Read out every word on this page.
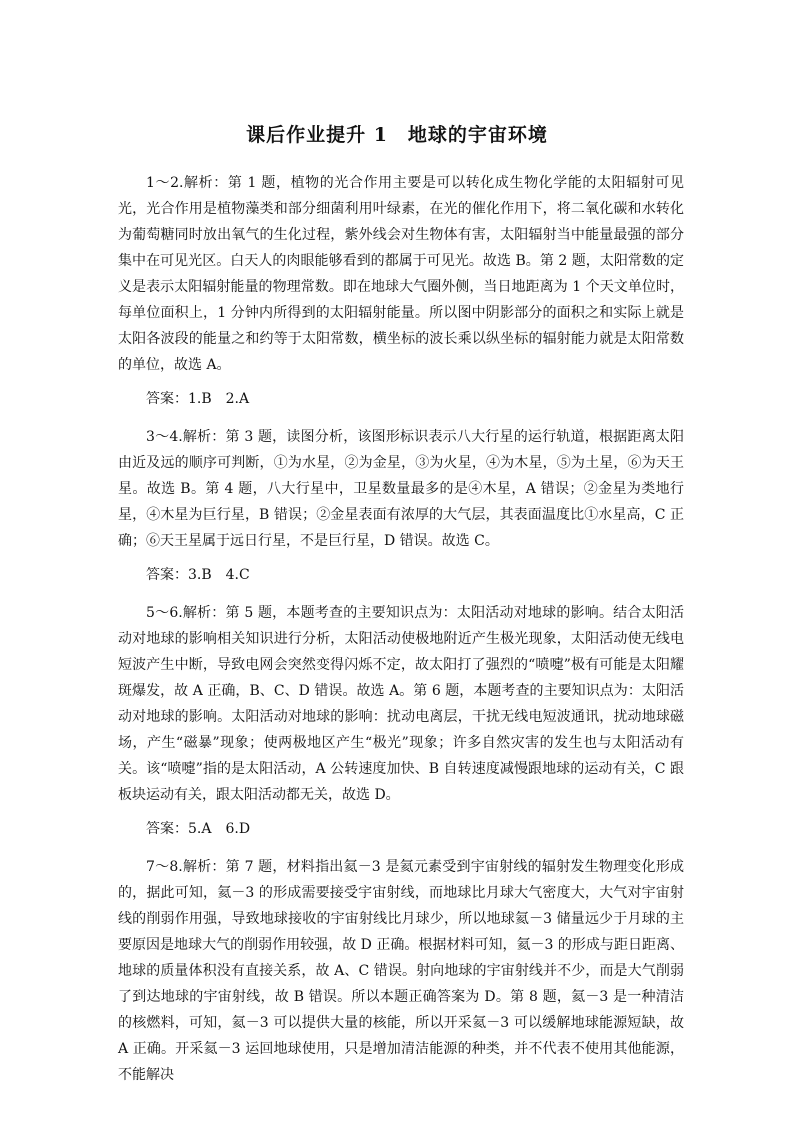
课后作业提升 1　地球的宇宙环境

1～2.解析：第 1 题，植物的光合作用主要是可以转化成生物化学能的太阳辐射可见光，光合作用是植物藻类和部分细菌利用叶绿素，在光的催化作用下，将二氧化碳和水转化为葡萄糖同时放出氧气的生化过程，紫外线会对生物体有害，太阳辐射当中能量最强的部分集中在可见光区。白天人的肉眼能够看到的都属于可见光。故选 B。第 2 题，太阳常数的定义是表示太阳辐射能量的物理常数。即在地球大气圈外侧，当日地距离为 1 个天文单位时，每单位面积上，1 分钟内所得到的太阳辐射能量。所以图中阴影部分的面积之和实际上就是太阳各波段的能量之和约等于太阳常数，横坐标的波长乘以纵坐标的辐射能力就是太阳常数的单位，故选 A。

答案：1.B　2.A

3～4.解析：第 3 题，读图分析，该图形标识表示八大行星的运行轨道，根据距离太阳由近及远的顺序可判断，①为水星，②为金星，③为火星，④为木星，⑤为土星，⑥为天王星。故选 B。第 4 题，八大行星中，卫星数量最多的是④木星，A 错误；②金星为类地行星，④木星为巨行星，B 错误；②金星表面有浓厚的大气层，其表面温度比①水星高，C 正确；⑥天王星属于远日行星，不是巨行星，D 错误。故选 C。

答案：3.B　4.C

5～6.解析：第 5 题，本题考查的主要知识点为：太阳活动对地球的影响。结合太阳活动对地球的影响相关知识进行分析，太阳活动使极地附近产生极光现象，太阳活动使无线电短波产生中断，导致电网会突然变得闪烁不定，故太阳打了强烈的“喷嚏”极有可能是太阳耀斑爆发，故 A 正确，B、C、D 错误。故选 A。第 6 题，本题考查的主要知识点为：太阳活动对地球的影响。太阳活动对地球的影响：扰动电离层，干扰无线电短波通讯，扰动地球磁场，产生“磁暴”现象；使两极地区产生“极光”现象；许多自然灾害的发生也与太阳活动有关。该“喷嚏”指的是太阳活动，A 公转速度加快、B 自转速度减慢跟地球的运动有关，C 跟板块运动有关，跟太阳活动都无关，故选 D。

答案：5.A　6.D

7～8.解析：第 7 题，材料指出氦－3 是氦元素受到宇宙射线的辐射发生物理变化形成的，据此可知，氦－3 的形成需要接受宇宙射线，而地球比月球大气密度大，大气对宇宙射线的削弱作用强，导致地球接收的宇宙射线比月球少，所以地球氦－3 储量远少于月球的主要原因是地球大气的削弱作用较强，故 D 正确。根据材料可知，氦－3 的形成与距日距离、地球的质量体积没有直接关系，故 A、C 错误。射向地球的宇宙射线并不少，而是大气削弱了到达地球的宇宙射线，故 B 错误。所以本题正确答案为 D。第 8 题，氦－3 是一种清洁的核燃料，可知，氦－3 可以提供大量的核能，所以开采氦－3 可以缓解地球能源短缺，故 A 正确。开采氦－3 运回地球使用，只是增加清洁能源的种类，并不代表不使用其他能源，不能解决
